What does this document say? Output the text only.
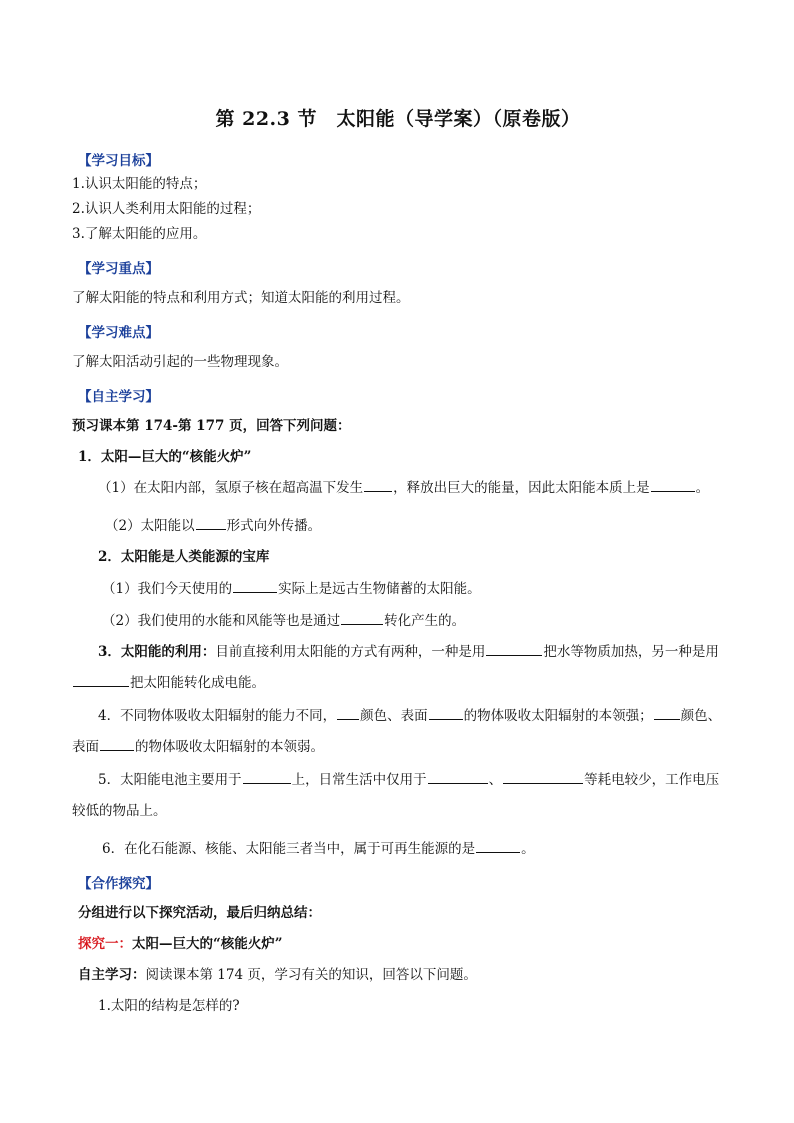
第 22.3 节　太阳能（导学案）（原卷版）
【学习目标】
1.认识太阳能的特点；
2.认识人类利用太阳能的过程；
3.了解太阳能的应用。
【学习重点】
了解太阳能的特点和利用方式；知道太阳能的利用过程。
【学习难点】
了解太阳活动引起的一些物理现象。
【自主学习】
预习课本第 174-第 177 页，回答下列问题：
1．太阳—巨大的“核能火炉”
（1）在太阳内部，氢原子核在超高温下发生 ，释放出巨大的能量，因此太阳能本质上是	。
（2）太阳能以 形式向外传播。
2．太阳能是人类能源的宝库
（1）我们今天使用的	实际上是远古生物储蓄的太阳能。
（2）我们使用的水能和风能等也是通过	转化产生的。
3．太阳能的利用：目前直接利用太阳能的方式有两种，一种是用	把水等物质加热，另一种是用把太阳能转化成电能。
4．不同物体吸收太阳辐射的能力不同， 颜色、表面	的物体吸收太阳辐射的本领强； 颜色、表面	的物体吸收太阳辐射的本领弱。
5．太阳能电池主要用于	上，日常生活中仅用于	、	等耗电较少，工作电压较低的物品上。
6．在化石能源、核能、太阳能三者当中，属于可再生能源的是	。
【合作探究】
分组进行以下探究活动，最后归纳总结：
探究一：太阳—巨大的“核能火炉”
自主学习：阅读课本第 174 页，学习有关的知识，回答以下问题。
1.太阳的结构是怎样的?
